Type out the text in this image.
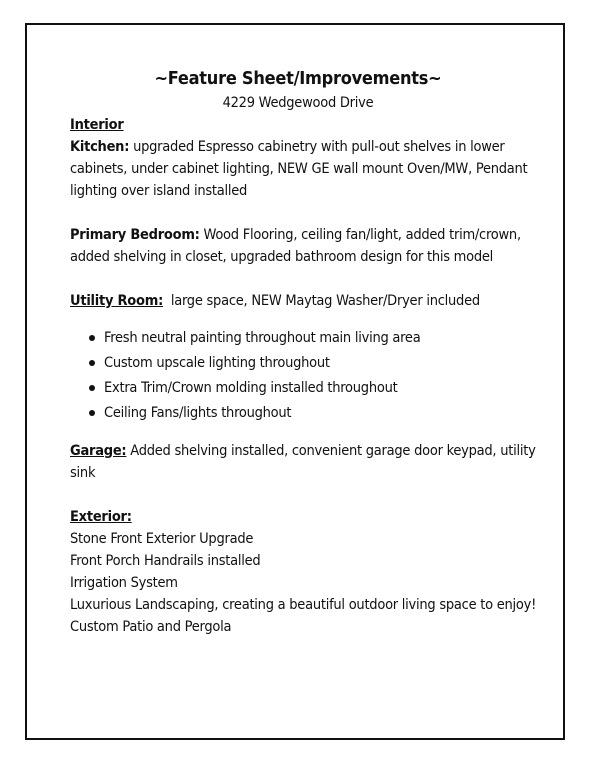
~Feature Sheet/Improvements~
4229 Wedgewood Drive
Interior

Kitchen: upgraded Espresso cabinetry with pull-out shelves in lower cabinets, under cabinet lighting, NEW GE wall mount Oven/MW, Pendant lighting over island installed

Primary Bedroom: Wood Flooring, ceiling fan/light, added trim/crown, added shelving in closet, upgraded bathroom design for this model

Utility Room:  large space, NEW Maytag Washer/Dryer included

Fresh neutral painting throughout main living area
Custom upscale lighting throughout
Extra Trim/Crown molding installed throughout
Ceiling Fans/lights throughout

Garage: Added shelving installed, convenient garage door keypad, utility sink

Exterior:

Stone Front Exterior Upgrade

Front Porch Handrails installed

Irrigation System

Luxurious Landscaping, creating a beautiful outdoor living space to enjoy!

Custom Patio and Pergola
